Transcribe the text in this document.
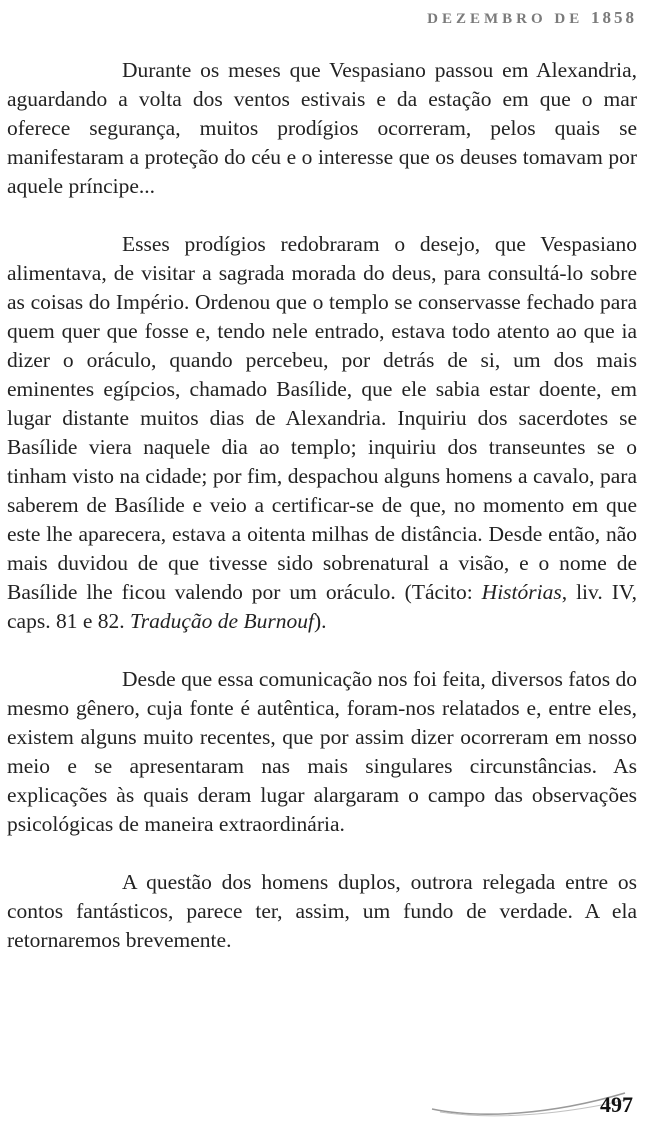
DEZEMBRO DE 1858

Durante os meses que Vespasiano passou em Alexandria, aguardando a volta dos ventos estivais e da estação em que o mar oferece segurança, muitos prodígios ocorreram, pelos quais se manifestaram a proteção do céu e o interesse que os deuses tomavam por aquele príncipe...

Esses prodígios redobraram o desejo, que Vespasiano alimentava, de visitar a sagrada morada do deus, para consultá-lo sobre as coisas do Império. Ordenou que o templo se conservasse fechado para quem quer que fosse e, tendo nele entrado, estava todo atento ao que ia dizer o oráculo, quando percebeu, por detrás de si, um dos mais eminentes egípcios, chamado Basílide, que ele sabia estar doente, em lugar distante muitos dias de Alexandria. Inquiriu dos sacerdotes se Basílide viera naquele dia ao templo; inquiriu dos transeuntes se o tinham visto na cidade; por fim, despachou alguns homens a cavalo, para saberem de Basílide e veio a certificar-se de que, no momento em que este lhe aparecera, estava a oitenta milhas de distância. Desde então, não mais duvidou de que tivesse sido sobrenatural a visão, e o nome de Basílide lhe ficou valendo por um oráculo. (Tácito: Histórias, liv. IV, caps. 81 e 82. Tradução de Burnouf).

Desde que essa comunicação nos foi feita, diversos fatos do mesmo gênero, cuja fonte é autêntica, foram-nos relatados e, entre eles, existem alguns muito recentes, que por assim dizer ocorreram em nosso meio e se apresentaram nas mais singulares circunstâncias. As explicações às quais deram lugar alargaram o campo das observações psicológicas de maneira extraordinária.

A questão dos homens duplos, outrora relegada entre os contos fantásticos, parece ter, assim, um fundo de verdade. A ela retornaremos brevemente.

497
